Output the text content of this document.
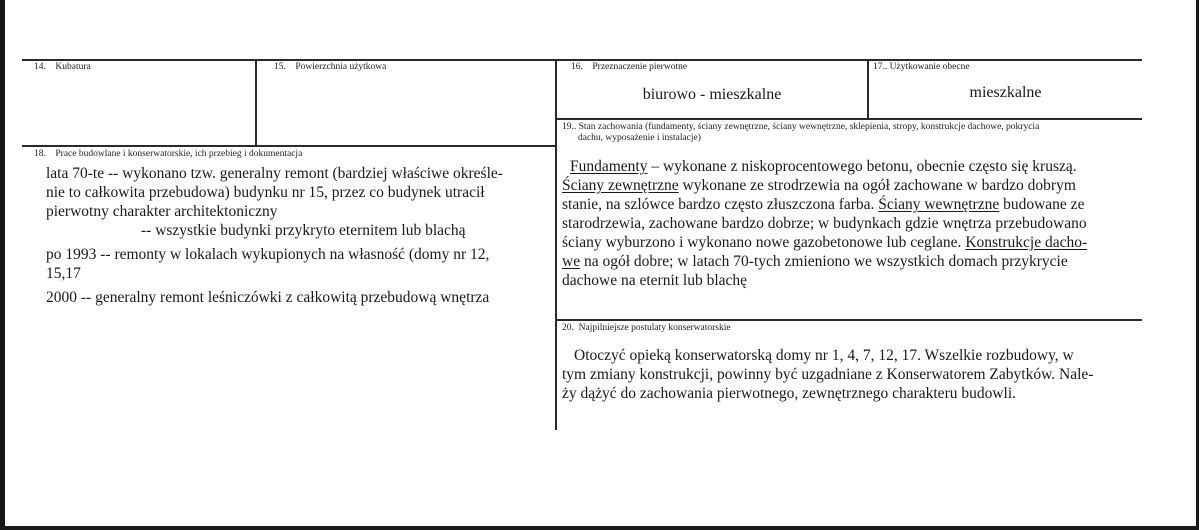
14. Kubatura	15. Powierzchnia użytkowa	16. Przeznaczenie pierwotne
biurowo - mieszkalne
17.. Użytkowanie obecne
mieszkalne
18. Prace budowlane i konserwatorskie, ich przebieg i dokumentacja

lata 70-te -- wykonano tzw. generalny remont (bardziej właściwe określe-

nie to całkowita przebudowa) budynku nr 15, przez co budynek utracił

pierwotny charakter architektoniczny

-- wszystkie budynki przykryto eternitem lub blachą

po 1993 -- remonty w lokalach wykupionych na własność (domy nr 12,

15,17

2000 -- generalny remont leśniczówki z całkowitą przebudową wnętrza

19.. Stan zachowania (fundamenty, ściany zewnętrzne, ściany wewnętrzne, sklepienia, stropy, konstrukcje dachowe, pokrycia
dachu, wyposażenie i instalacje)

Fundamenty – wykonane z niskoprocentowego betonu, obecnie często się kruszą.

Ściany zewnętrzne wykonane ze strodrzewia na ogół zachowane w bardzo dobrym

stanie, na szlówce bardzo często złuszczona farba. Ściany wewnętrzne budowane ze

starodrzewia, zachowane bardzo dobrze; w budynkach gdzie wnętrza przebudowano

ściany wyburzono i wykonano nowe gazobetonowe lub ceglane. Konstrukcje dacho-

we na ogół dobre; w latach 70-tych zmieniono we wszystkich domach przykrycie

dachowe na eternit lub blachę

20. Najpilniejsze postulaty konserwatorskie

Otoczyć opieką konserwatorską domy nr 1, 4, 7, 12, 17. Wszelkie rozbudowy, w

tym zmiany konstrukcji, powinny być uzgadniane z Konserwatorem Zabytków. Nale-

ży dążyć do zachowania pierwotnego, zewnętrznego charakteru budowli.
